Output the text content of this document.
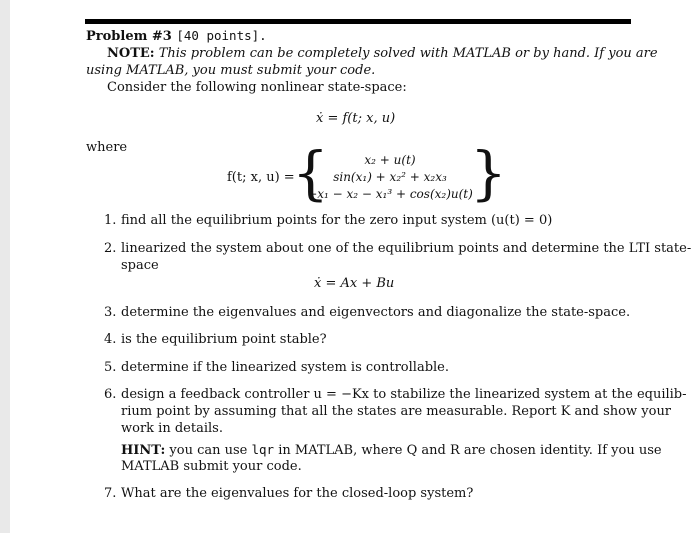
Problem #3 [40 points].
NOTE: This problem can be completely solved with MATLAB or by hand. If you are
using MATLAB, you must submit your code.
Consider the following nonlinear state-space:
ẋ = f(t; x, u)
where
f(t; x, u) =
{ }
x₂ + u(t)
sin(x₁) + x₂² + x₂x₃
−x₁ − x₂ − x₁³ + cos(x₂)u(t)
1. find all the equilibrium points for the zero input system (u(t) = 0)
2. linearized the system about one of the equilibrium points and determine the LTI state-
space
ẋ = Ax + Bu
3. determine the eigenvalues and eigenvectors and diagonalize the state-space.
4. is the equilibrium point stable?
5. determine if the linearized system is controllable.
6. design a feedback controller u = −Kx to stabilize the linearized system at the equilib-
rium point by assuming that all the states are measurable. Report K and show your
work in details.
HINT: you can use lqr in MATLAB, where Q and R are chosen identity. If you use
MATLAB submit your code.
7. What are the eigenvalues for the closed-loop system?
